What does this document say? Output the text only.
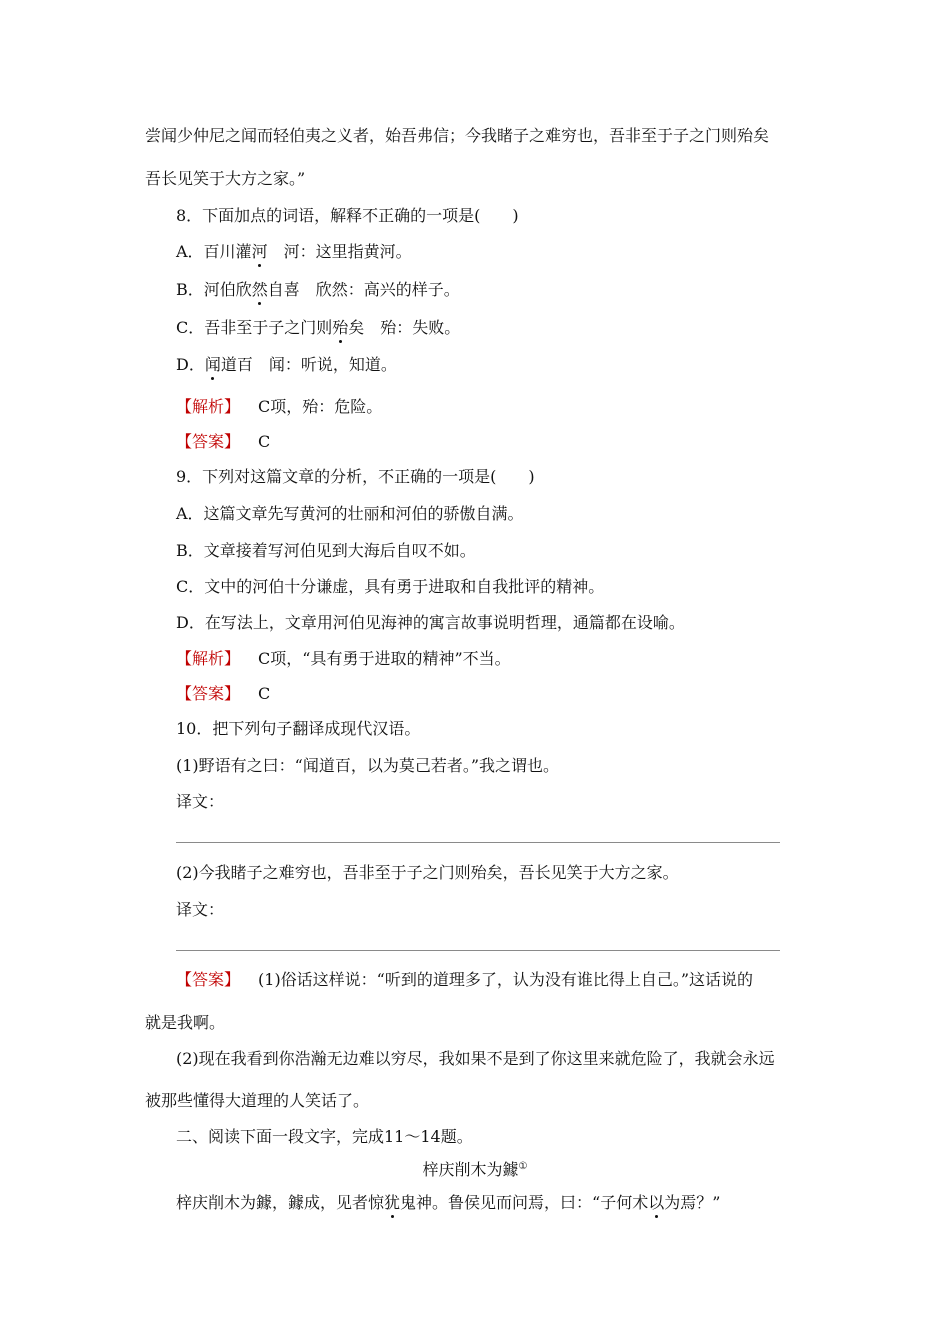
尝闻少仲尼之闻而轻伯夷之义者，始吾弗信；今我睹子之难穷也，吾非至于子之门则殆矣
吾长见笑于大方之家。”
8．下面加点的词语，解释不正确的一项是(　　)
A．百川灌河　河：这里指黄河。
B．河伯欣然自喜　欣然：高兴的样子。
C．吾非至于子之门则殆矣　殆：失败。
D．闻道百　闻：听说，知道。
【解析】 C项，殆：危险。
【答案】 C
9．下列对这篇文章的分析，不正确的一项是(　　)
A．这篇文章先写黄河的壮丽和河伯的骄傲自满。
B．文章接着写河伯见到大海后自叹不如。
C．文中的河伯十分谦虚，具有勇于进取和自我批评的精神。
D．在写法上，文章用河伯见海神的寓言故事说明哲理，通篇都在设喻。
【解析】 C项，“具有勇于进取的精神”不当。
【答案】 C
10．把下列句子翻译成现代汉语。
(1)野语有之曰：“闻道百，以为莫己若者。”我之谓也。
译文：
(2)今我睹子之难穷也，吾非至于子之门则殆矣，吾长见笑于大方之家。
译文：
【答案】 (1)俗话这样说：“听到的道理多了，认为没有谁比得上自己。”这话说的
就是我啊。
(2)现在我看到你浩瀚无边难以穷尽，我如果不是到了你这里来就危险了，我就会永远
被那些懂得大道理的人笑话了。
二、阅读下面一段文字，完成11～14题。
梓庆削木为鐻①
梓庆削木为鐻，鐻成，见者惊犹鬼神。鲁侯见而问焉，曰：“子何术以为焉？”
